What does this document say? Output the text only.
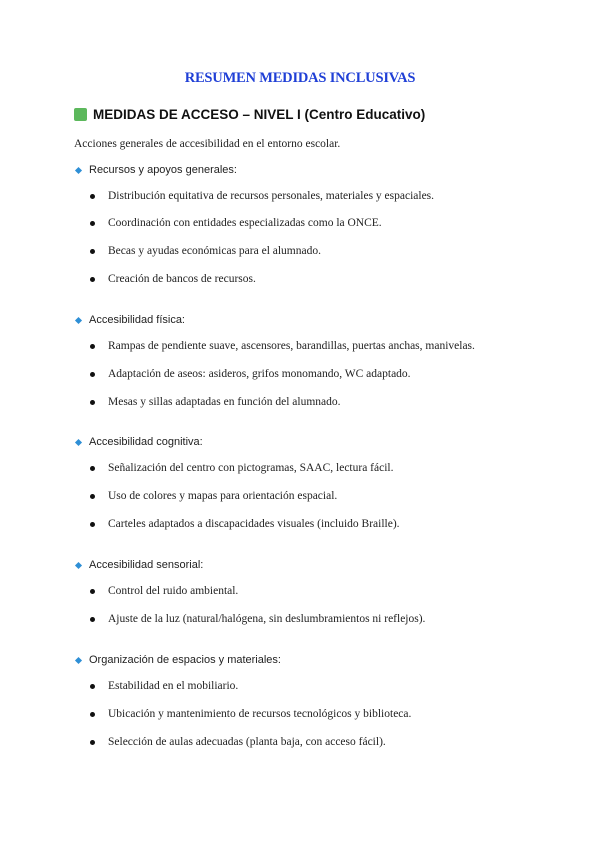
RESUMEN MEDIDAS INCLUSIVAS
MEDIDAS DE ACCESO – NIVEL I (Centro Educativo)
Acciones generales de accesibilidad en el entorno escolar.
Recursos y apoyos generales:
Distribución equitativa de recursos personales, materiales y espaciales.
Coordinación con entidades especializadas como la ONCE.
Becas y ayudas económicas para el alumnado.
Creación de bancos de recursos.
Accesibilidad física:
Rampas de pendiente suave, ascensores, barandillas, puertas anchas, manivelas.
Adaptación de aseos: asideros, grifos monomando, WC adaptado.
Mesas y sillas adaptadas en función del alumnado.
Accesibilidad cognitiva:
Señalización del centro con pictogramas, SAAC, lectura fácil.
Uso de colores y mapas para orientación espacial.
Carteles adaptados a discapacidades visuales (incluido Braille).
Accesibilidad sensorial:
Control del ruido ambiental.
Ajuste de la luz (natural/halógena, sin deslumbramientos ni reflejos).
Organización de espacios y materiales:
Estabilidad en el mobiliario.
Ubicación y mantenimiento de recursos tecnológicos y biblioteca.
Selección de aulas adecuadas (planta baja, con acceso fácil).
